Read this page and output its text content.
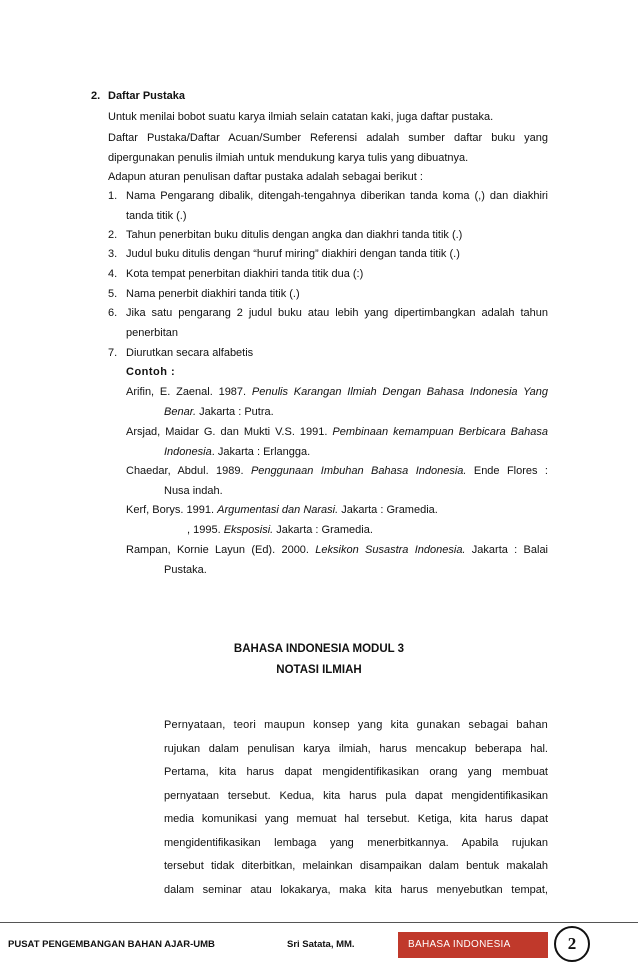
2. Daftar Pustaka
Untuk menilai bobot suatu karya ilmiah selain catatan kaki, juga daftar pustaka.
Daftar Pustaka/Daftar Acuan/Sumber Referensi adalah sumber daftar buku yang
dipergunakan penulis ilmiah untuk mendukung karya tulis yang dibuatnya.
Adapun aturan penulisan daftar pustaka adalah sebagai berikut :
1. Nama Pengarang dibalik, ditengah-tengahnya diberikan tanda koma (,) dan diakhiri
tanda titik (.)
2. Tahun penerbitan buku ditulis dengan angka dan diakhri tanda titik (.)
3. Judul buku ditulis dengan “huruf miring” diakhiri dengan tanda titik (.)
4. Kota tempat penerbitan diakhiri tanda titik dua (:)
5. Nama penerbit diakhiri tanda titik (.)
6. Jika satu pengarang 2 judul buku atau lebih yang dipertimbangkan adalah tahun
penerbitan
7. Diurutkan secara alfabetis
Contoh :
Arifin, E. Zaenal. 1987. Penulis Karangan Ilmiah Dengan Bahasa Indonesia Yang
Benar. Jakarta : Putra.
Arsjad, Maidar G. dan Mukti V.S. 1991. Pembinaan kemampuan Berbicara Bahasa
Indonesia. Jakarta : Erlangga.
Chaedar, Abdul. 1989. Penggunaan Imbuhan Bahasa Indonesia. Ende Flores :
Nusa indah.
Kerf, Borys. 1991. Argumentasi dan Narasi. Jakarta : Gramedia.
, 1995. Eksposisi. Jakarta : Gramedia.
Rampan, Kornie Layun (Ed). 2000. Leksikon Susastra Indonesia. Jakarta : Balai
Pustaka.
BAHASA INDONESIA MODUL 3
NOTASI ILMIAH
Pernyataan, teori maupun konsep yang kita gunakan sebagai bahan
rujukan dalam penulisan karya ilmiah, harus mencakup beberapa hal.
Pertama, kita harus dapat mengidentifikasikan orang yang membuat
pernyataan tersebut. Kedua, kita harus pula dapat mengidentifikasikan
media komunikasi yang memuat hal tersebut. Ketiga, kita harus dapat
mengidentifikasikan lembaga yang menerbitkannya. Apabila rujukan
tersebut tidak diterbitkan, melainkan disampaikan dalam bentuk makalah
dalam seminar atau lokakarya, maka kita harus menyebutkan tempat,
PUSAT PENGEMBANGAN BAHAN AJAR-UMB	Sri Satata, MM.	BAHASA INDONESIA	2
